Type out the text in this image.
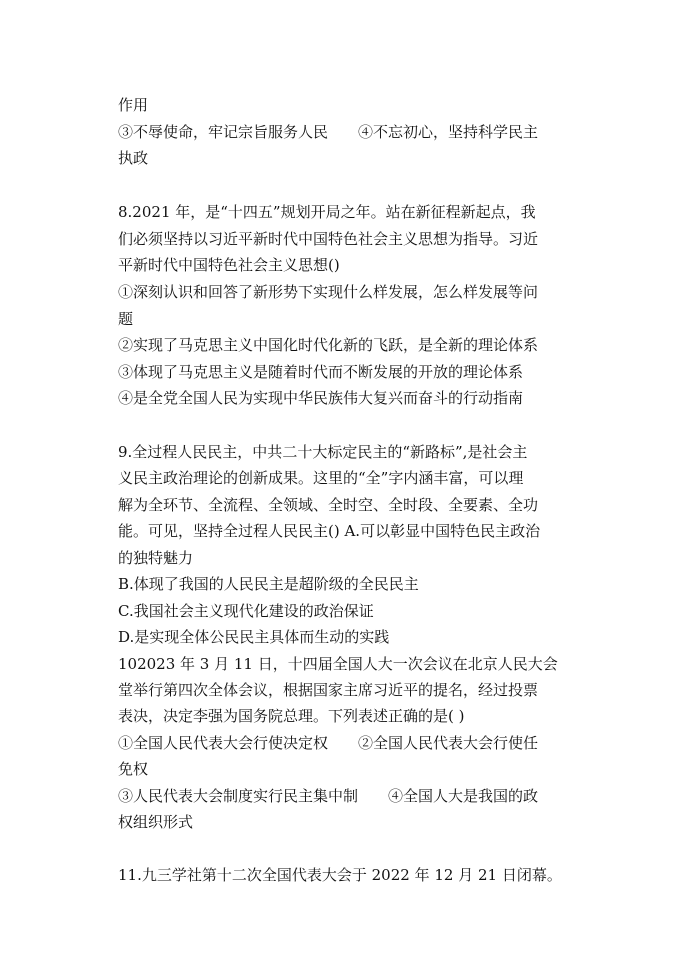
作用
③不辱使命，牢记宗旨服务人民　　④不忘初心，坚持科学民主
执政
8.2021 年，是“十四五”规划开局之年。站在新征程新起点，我
们必须坚持以习近平新时代中国特色社会主义思想为指导。习近
平新时代中国特色社会主义思想()
①深刻认识和回答了新形势下实现什么样发展，怎么样发展等问
题
②实现了马克思主义中国化时代化新的飞跃，是全新的理论体系
③体现了马克思主义是随着时代而不断发展的开放的理论体系
④是全党全国人民为实现中华民族伟大复兴而奋斗的行动指南
9.全过程人民民主，中共二十大标定民主的“新路标”,是社会主
义民主政治理论的创新成果。这里的“全”字内涵丰富，可以理
解为全环节、全流程、全领域、全时空、全时段、全要素、全功
能。可见，坚持全过程人民民主() A.可以彰显中国特色民主政治
的独特魅力
B.体现了我国的人民民主是超阶级的全民民主
C.我国社会主义现代化建设的政治保证
D.是实现全体公民民主具体而生动的实践
102023 年 3 月 11 日，十四届全国人大一次会议在北京人民大会
堂举行第四次全体会议，根据国家主席习近平的提名，经过投票
表决，决定李强为国务院总理。下列表述正确的是( )
①全国人民代表大会行使决定权　　②全国人民代表大会行使任
免权
③人民代表大会制度实行民主集中制　　④全国人大是我国的政
权组织形式
11.九三学社第十二次全国代表大会于 2022 年 12 月 21 日闭幕。
